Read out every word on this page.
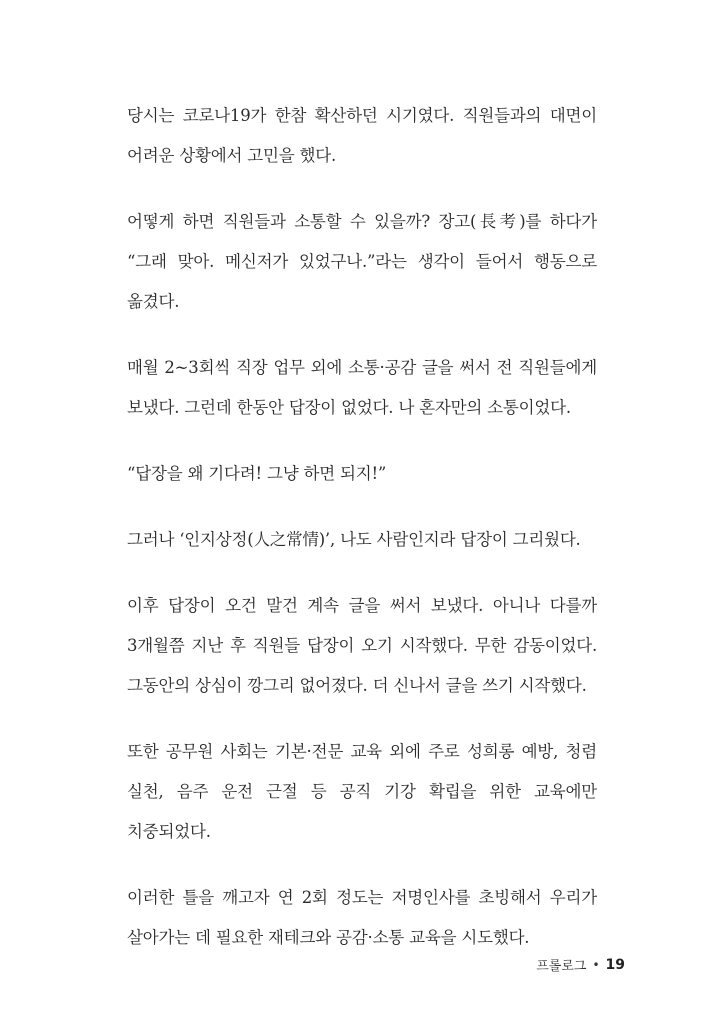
당시는 코로나19가 한참 확산하던 시기였다. 직원들과의 대면이 어려운 상황에서 고민을 했다.

어떻게 하면 직원들과 소통할 수 있을까? 장고(長考)를 하다가 “그래 맞아. 메신저가 있었구나.”라는 생각이 들어서 행동으로 옮겼다.

매월 2~3회씩 직장 업무 외에 소통·공감 글을 써서 전 직원들에게 보냈다. 그런데 한동안 답장이 없었다. 나 혼자만의 소통이었다.

“답장을 왜 기다려! 그냥 하면 되지!”

그러나 ‘인지상정(人之常情)’, 나도 사람인지라 답장이 그리웠다.

이후 답장이 오건 말건 계속 글을 써서 보냈다. 아니나 다를까 3개월쯤 지난 후 직원들 답장이 오기 시작했다. 무한 감동이었다. 그동안의 상심이 깡그리 없어졌다. 더 신나서 글을 쓰기 시작했다.

또한 공무원 사회는 기본·전문 교육 외에 주로 성희롱 예방, 청렴 실천, 음주 운전 근절 등 공직 기강 확립을 위한 교육에만 치중되었다.

이러한 틀을 깨고자 연 2회 정도는 저명인사를 초빙해서 우리가 살아가는 데 필요한 재테크와 공감·소통 교육을 시도했다.

프롤로그 • 19
